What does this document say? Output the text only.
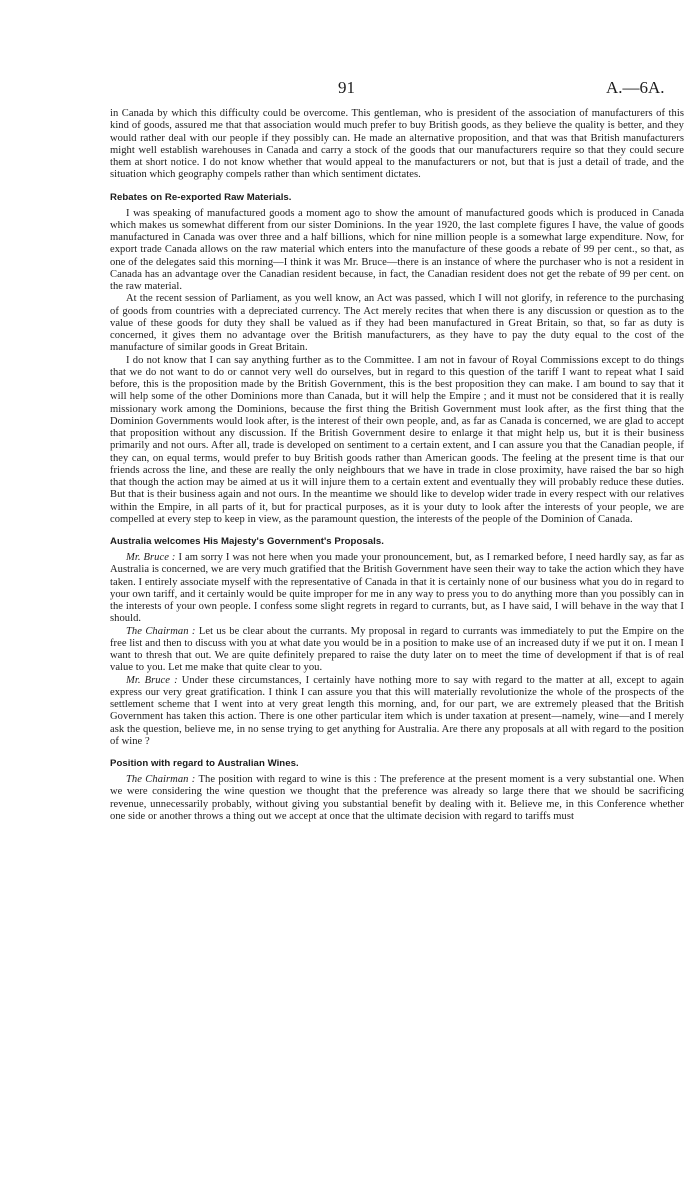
91	A.—6A.

in Canada by which this difficulty could be overcome. This gentleman, who is president of the association of manufacturers of this kind of goods, assured me that that association would much prefer to buy British goods, as they believe the quality is better, and they would rather deal with our people if they possibly can. He made an alternative proposition, and that was that British manufacturers might well establish warehouses in Canada and carry a stock of the goods that our manufacturers require so that they could secure them at short notice. I do not know whether that would appeal to the manufacturers or not, but that is just a detail of trade, and the situation which geography compels rather than which sentiment dictates.

Rebates on Re-exported Raw Materials.

I was speaking of manufactured goods a moment ago to show the amount of manufactured goods which is produced in Canada which makes us somewhat different from our sister Dominions. In the year 1920, the last complete figures I have, the value of goods manufactured in Canada was over three and a half billions, which for nine million people is a somewhat large expenditure. Now, for export trade Canada allows on the raw material which enters into the manufacture of these goods a rebate of 99 per cent., so that, as one of the delegates said this morning—I think it was Mr. Bruce—there is an instance of where the purchaser who is not a resident in Canada has an advantage over the Canadian resident because, in fact, the Canadian resident does not get the rebate of 99 per cent. on the raw material.

At the recent session of Parliament, as you well know, an Act was passed, which I will not glorify, in reference to the purchasing of goods from countries with a depreciated currency. The Act merely recites that when there is any discussion or question as to the value of these goods for duty they shall be valued as if they had been manufactured in Great Britain, so that, so far as duty is concerned, it gives them no advantage over the British manufacturers, as they have to pay the duty equal to the cost of the manufacture of similar goods in Great Britain.

I do not know that I can say anything further as to the Committee. I am not in favour of Royal Commissions except to do things that we do not want to do or cannot very well do ourselves, but in regard to this question of the tariff I want to repeat what I said before, this is the proposition made by the British Government, this is the best proposition they can make. I am bound to say that it will help some of the other Dominions more than Canada, but it will help the Empire ; and it must not be considered that it is really missionary work among the Dominions, because the first thing the British Government must look after, as the first thing that the Dominion Governments would look after, is the interest of their own people, and, as far as Canada is concerned, we are glad to accept that proposition without any discussion. If the British Government desire to enlarge it that might help us, but it is their business primarily and not ours. After all, trade is developed on sentiment to a certain extent, and I can assure you that the Canadian people, if they can, on equal terms, would prefer to buy British goods rather than American goods. The feeling at the present time is that our friends across the line, and these are really the only neighbours that we have in trade in close proximity, have raised the bar so high that though the action may be aimed at us it will injure them to a certain extent and eventually they will probably reduce these duties. But that is their business again and not ours. In the meantime we should like to develop wider trade in every respect with our relatives within the Empire, in all parts of it, but for practical purposes, as it is your duty to look after the interests of your people, we are compelled at every step to keep in view, as the paramount question, the interests of the people of the Dominion of Canada.

Australia welcomes His Majesty's Government's Proposals.

Mr. Bruce : I am sorry I was not here when you made your pronouncement, but, as I remarked before, I need hardly say, as far as Australia is concerned, we are very much gratified that the British Government have seen their way to take the action which they have taken. I entirely associate myself with the representative of Canada in that it is certainly none of our business what you do in regard to your own tariff, and it certainly would be quite improper for me in any way to press you to do anything more than you possibly can in the interests of your own people. I confess some slight regrets in regard to currants, but, as I have said, I will behave in the way that I should.

The Chairman : Let us be clear about the currants. My proposal in regard to currants was immediately to put the Empire on the free list and then to discuss with you at what date you would be in a position to make use of an increased duty if we put it on. I mean I want to thresh that out. We are quite definitely prepared to raise the duty later on to meet the time of development if that is of real value to you. Let me make that quite clear to you.

Mr. Bruce : Under these circumstances, I certainly have nothing more to say with regard to the matter at all, except to again express our very great gratification. I think I can assure you that this will materially revolutionize the whole of the prospects of the settlement scheme that I went into at very great length this morning, and, for our part, we are extremely pleased that the British Government has taken this action. There is one other particular item which is under taxation at present—namely, wine—and I merely ask the question, believe me, in no sense trying to get anything for Australia. Are there any proposals at all with regard to the position of wine ?

Position with regard to Australian Wines.

The Chairman : The position with regard to wine is this : The preference at the present moment is a very substantial one. When we were considering the wine question we thought that the preference was already so large there that we should be sacrificing revenue, unnecessarily probably, without giving you substantial benefit by dealing with it. Believe me, in this Conference whether one side or another throws a thing out we accept at once that the ultimate decision with regard to tariffs must
